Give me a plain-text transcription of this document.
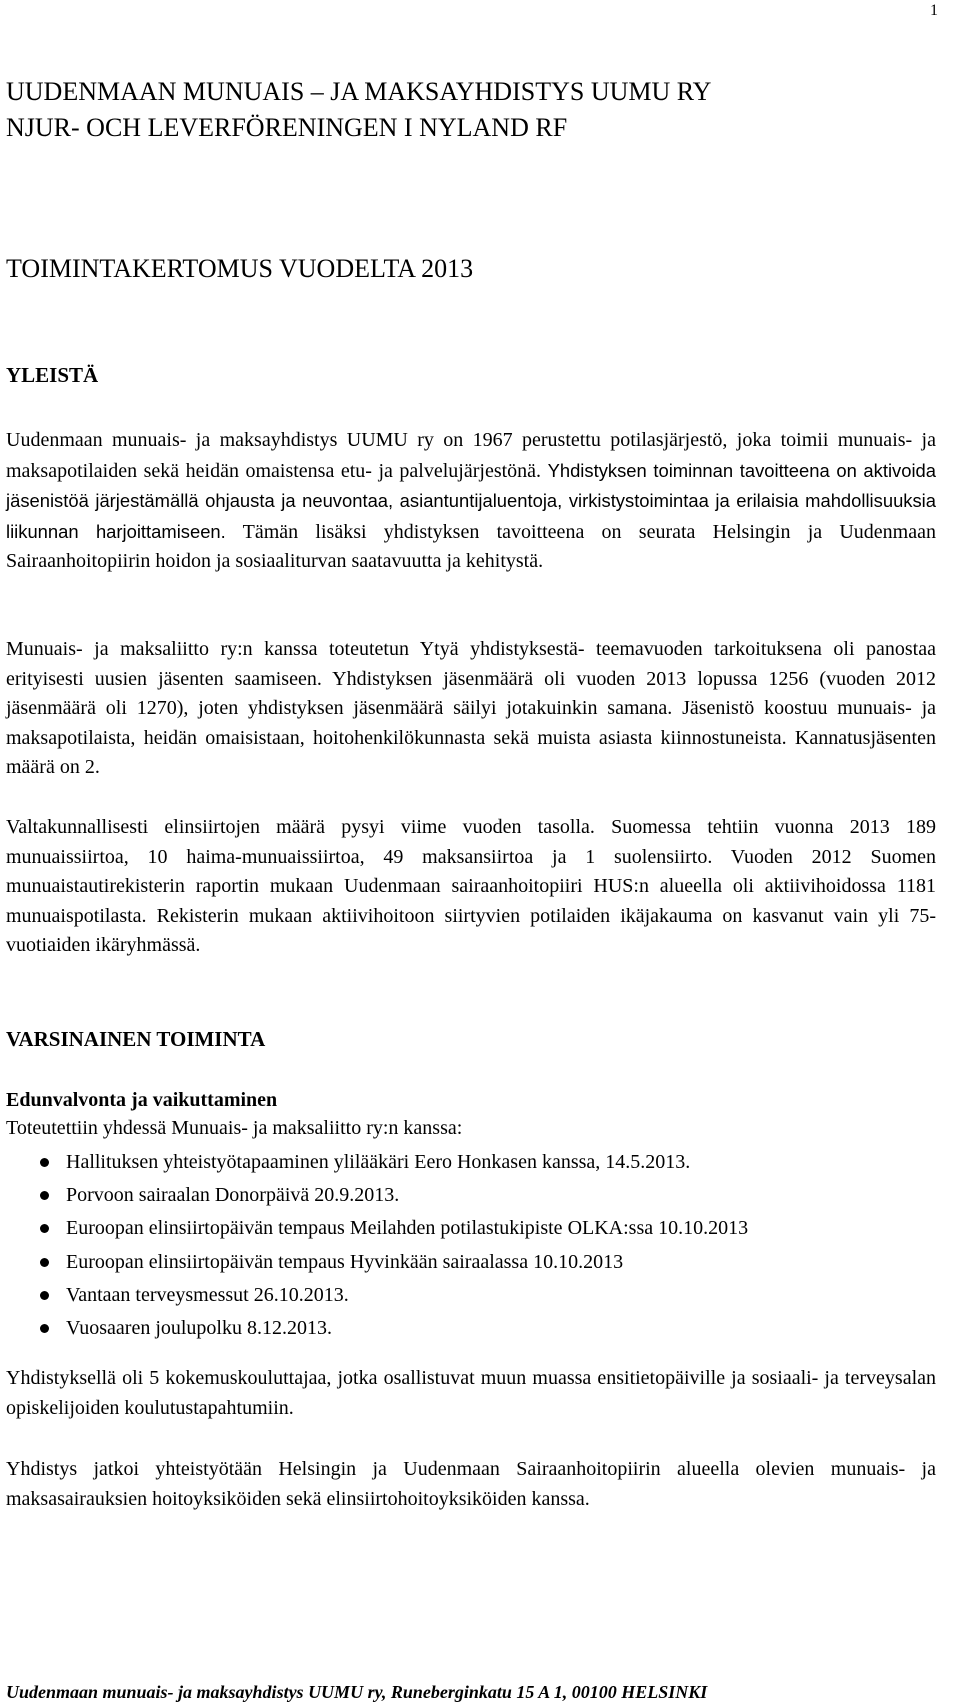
1
UUDENMAAN MUNUAIS – JA MAKSAYHDISTYS UUMU RY
NJUR- OCH LEVERFÖRENINGEN I NYLAND RF
TOIMINTAKERTOMUS VUODELTA 2013
YLEISTÄ
Uudenmaan munuais- ja maksayhdistys UUMU ry on 1967 perustettu potilasjärjestö, joka toimii munuais- ja maksapotilaiden sekä heidän omaistensa etu- ja palvelujärjestönä. Yhdistyksen toiminnan tavoitteena on aktivoida jäsenistöä järjestämällä ohjausta ja neuvontaa, asiantuntijaluentoja, virkistystoimintaa ja erilaisia mahdollisuuksia liikunnan harjoittamiseen. Tämän lisäksi yhdistyksen tavoitteena on seurata Helsingin ja Uudenmaan Sairaanhoitopiirin hoidon ja sosiaaliturvan saatavuutta ja kehitystä.
Munuais- ja maksaliitto ry:n kanssa toteutetun Ytyä yhdistyksestä- teemavuoden tarkoituksena oli panostaa erityisesti uusien jäsenten saamiseen. Yhdistyksen jäsenmäärä oli vuoden 2013 lopussa 1256 (vuoden 2012 jäsenmäärä oli 1270), joten yhdistyksen jäsenmäärä säilyi jotakuinkin samana. Jäsenistö koostuu munuais- ja maksapotilaista, heidän omaisistaan, hoitohenkilökunnasta sekä muista asiasta kiinnostuneista. Kannatusjäsenten määrä on 2.
Valtakunnallisesti elinsiirtojen määrä pysyi viime vuoden tasolla. Suomessa tehtiin vuonna 2013 189 munuaissiirtoa, 10 haima-munuaissiirtoa, 49 maksansiirtoa ja 1 suolensiirto. Vuoden 2012 Suomen munuaistautirekisterin raportin mukaan Uudenmaan sairaanhoitopiiri HUS:n alueella oli aktiivihoidossa 1181 munuaispotilasta. Rekisterin mukaan aktiivihoitoon siirtyvien potilaiden ikäjakauma on kasvanut vain yli 75-vuotiaiden ikäryhmässä.
VARSINAINEN TOIMINTA
Edunvalvonta ja vaikuttaminen
Toteutettiin yhdessä Munuais- ja maksaliitto ry:n kanssa:
Hallituksen yhteistyötapaaminen ylilääkäri Eero Honkasen kanssa, 14.5.2013.
Porvoon sairaalan Donorpäivä 20.9.2013.
Euroopan elinsiirtopäivän tempaus Meilahden potilastukipiste OLKA:ssa 10.10.2013
Euroopan elinsiirtopäivän tempaus Hyvinkään sairaalassa 10.10.2013
Vantaan terveysmessut 26.10.2013.
Vuosaaren joulupolku 8.12.2013.
Yhdistyksellä oli 5 kokemuskouluttajaa, jotka osallistuvat muun muassa ensitietopäiville ja sosiaali- ja terveysalan opiskelijoiden koulutustapahtumiin.
Yhdistys jatkoi yhteistyötään Helsingin ja Uudenmaan Sairaanhoitopiirin alueella olevien munuais- ja maksasairauksien hoitoyksiköiden sekä elinsiirtohoitoyksiköiden kanssa.
Uudenmaan munuais- ja maksayhdistys UUMU ry, Runeberginkatu 15 A 1, 00100 HELSINKI
